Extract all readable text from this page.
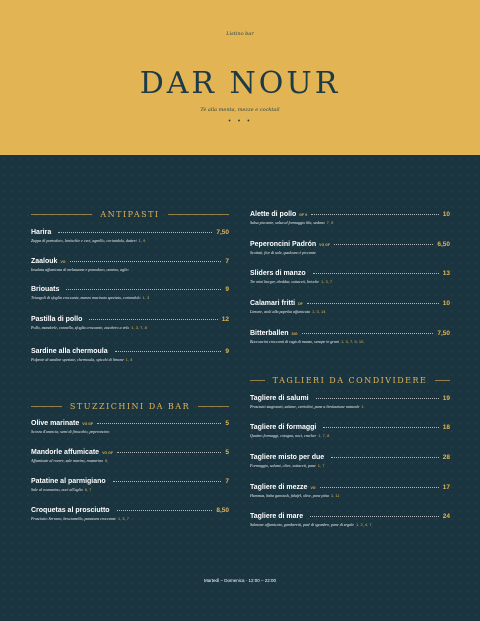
Listino bar
DAR NOUR
Tè alla menta, mezze e cocktail
• • •
ANTIPASTI
STUZZICHINI DA BAR
TAGLIERI DA CONDIVIDERE
Harira	7,50
Zuppa di pomodoro, lenticchie e ceci, agnello, coriandolo, datteri 1, 9
Zaalouk VG	7
Insalata affumicata di melanzane e pomodoro, cumino, aglio
Briouats	9
Triangoli di sfoglia croccante, manzo macinato speziato, coriandolo 1, 3
Pastilla di pollo	12
Pollo, mandorle, cannella, sfoglia croccante, zucchero a velo 1, 3, 7, 8
Sardine alla chermoula	9
Polpette di sardine speziate, chermoula, spicchi di limone 1, 4
Olive marinate VG GF	5
Scorza d'arancia, semi di finocchio, peperoncino
Mandorle affumicate VG GF	5
Affumicate al rovere, sale marino, rosmarino 8
Patatine al parmigiano	7
Sale al rosmarino, noci all'aglio 6, 7
Croquetas al prosciutto	8,50
Prosciutto Serrano, besciamella, panatura croccante 1, 3, 7
Alette di pollo GF 9	10
Salsa piccante, salsa al formaggio blu, sedano 7, 9
Peperoncini Padrón VG GF	6,50
Scottati, fior di sale, qualcuno è piccante
Sliders di manzo	13
Tre mini burger, cheddar, sottaceti, brioche 1, 3, 7
Calamari fritti DF	10
Limone, aioli alla paprika affumicata 1, 3, 14
Bitterballen SIG	7,50
Bocconcini croccanti di ragù di manzo, senape in grani 1, 3, 7, 9, 10
Tagliere di salumi	19
Prosciutti stagionati, salame, cetriolini, pane a lievitazione naturale 1
Tagliere di formaggi	18
Quattro formaggi, cotogna, noci, cracker 1, 7, 8
Tagliere misto per due	28
Formaggio, salumi, olive, sottaceti, pane 1, 7
Tagliere di mezze VG	17
Hummus, baba ganoush, falafel, olive, pane pitta 1, 11
Tagliere di mare	24
Salmone affumicato, gamberetti, paté di sgombro, pane di segale 1, 2, 4, 7
Martedì – Domenica · 12:00 – 22:00
